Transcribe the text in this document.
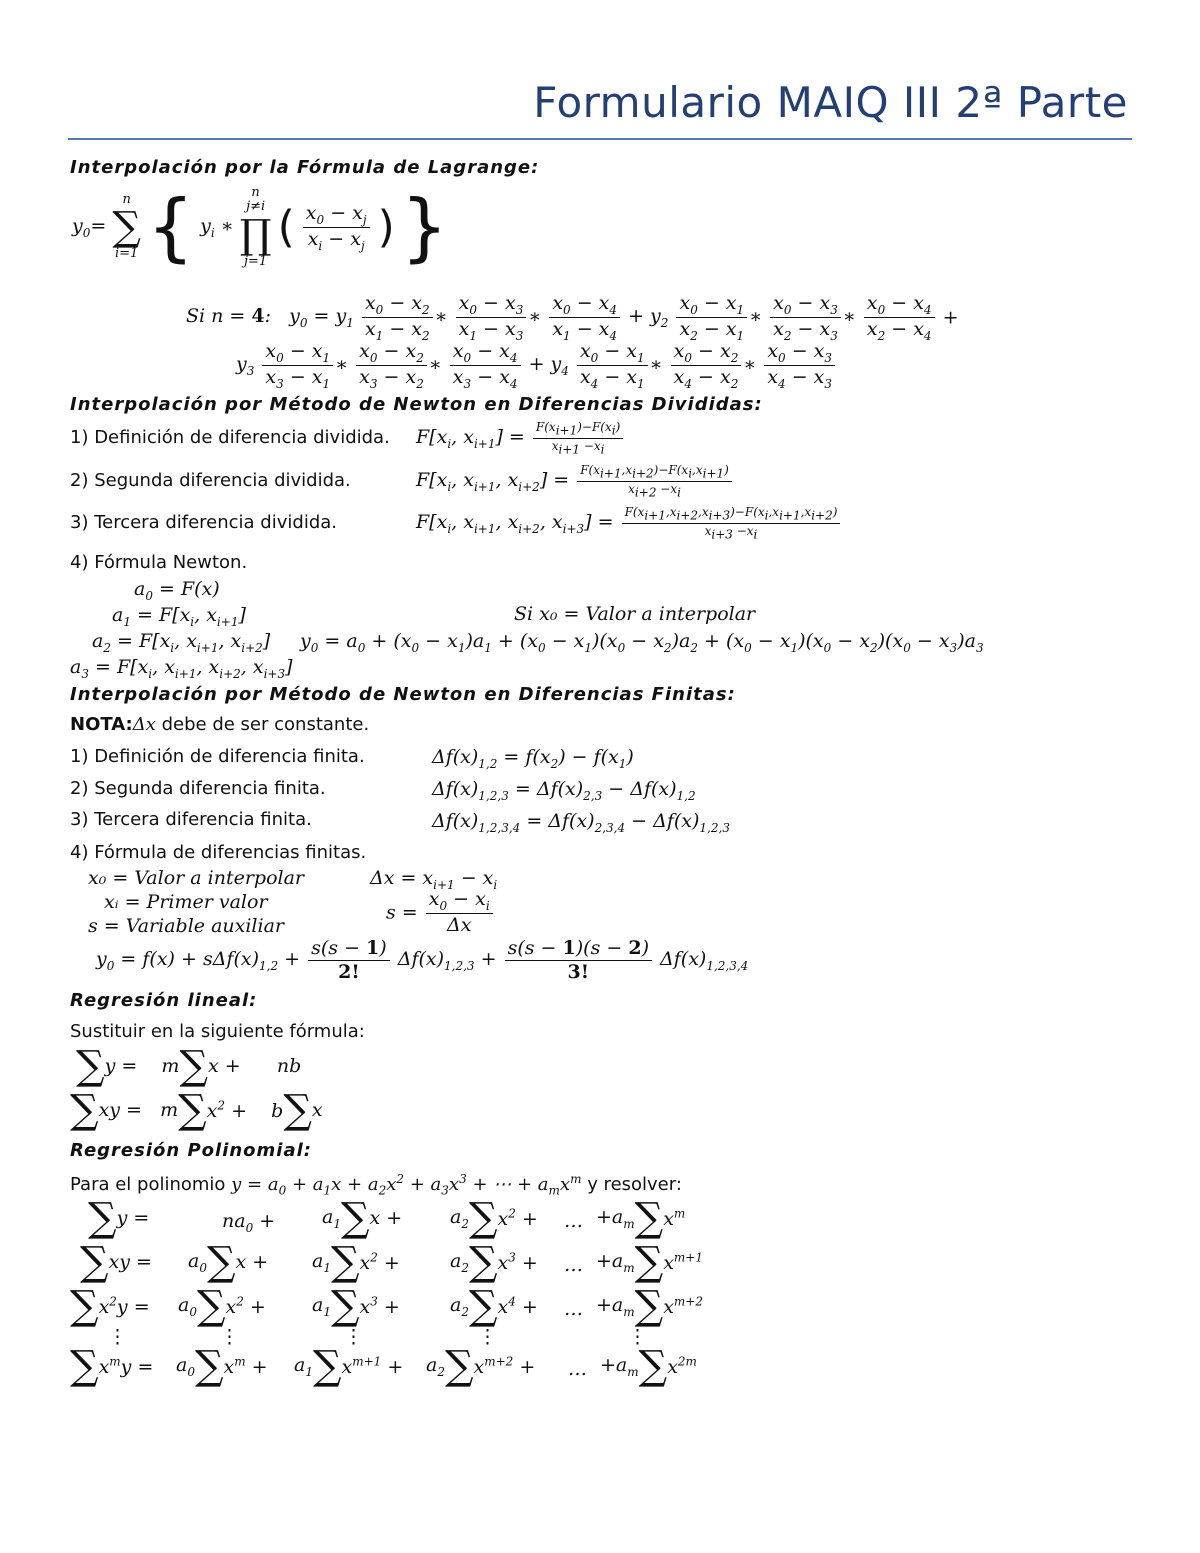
Formulario MAIQ III 2ª Parte
Interpolación por la Fórmula de Lagrange:
$y_0=$
n
∑
i=1 { $y_i$ ∗
n
j≠i
∏
j=1
( $\frac{x_0 - x_j}{x_i - x_j}$ ) }
Si n = 4:   $y_0 = y_1 \frac{x_0 - x_2}{x_1 - x_2}$ ∗ $\frac{x_0 - x_3}{x_1 - x_3}$ ∗ $\frac{x_0 - x_4}{x_1 - x_4} + y_2 \frac{x_0 - x_1}{x_2 - x_1}$ ∗ $\frac{x_0 - x_3}{x_2 - x_3}$ ∗ $\frac{x_0 - x_4}{x_2 - x_4}$ +
$y_3 \frac{x_0 - x_1}{x_3 - x_1}$ ∗ $\frac{x_0 - x_2}{x_3 - x_2}$ ∗ $\frac{x_0 - x_4}{x_3 - x_4} + y_4 \frac{x_0 - x_1}{x_4 - x_1}$ ∗ $\frac{x_0 - x_2}{x_4 - x_2}$ ∗ $\frac{x_0 - x_3}{x_4 - x_3}$
Interpolación por Método de Newton en Diferencias Divididas:
1) Definición de diferencia dividida. $F[x_i$, $x_{i+1}] = \frac{F(x_{i+1})-F(x_i)}{x_{i+1} -x_i}$
2) Segunda diferencia dividida.	$F[x_i$, $x_{i+1}$, $x_{i+2}] = \frac{F(x_{i+1},x_{i+2})-F(x_i,x_{i+1})}{x_{i+2} -x_i}$
3) Tercera diferencia dividida.	$F[x_i$, $x_{i+1}$, $x_{i+2}$, $x_{i+3}] = \frac{F(x_{i+1},x_{i+2},x_{i+3})-F(x_i,x_{i+1},x_{i+2})}{x_{i+3} -x_i}$
4) Fórmula Newton.
$a_0 = F(x)$
$a_1 = F[x_i$, $x_{i+1}$]	Si x₀ = Valor a interpolar
$a_2 = F[x_i$, $x_{i+1}$, $x_{i+2}$] $y_0 = a_0 + (x_0 - x_1)a_1 + (x_0 - x_1)(x_0 - x_2)a_2 + (x_0 - x_1)(x_0 - x_2)(x_0 - x_3)a_3$
$a_3 = F[x_i$, $x_{i+1}$, $x_{i+2}$, $x_{i+3}$]
Interpolación por Método de Newton en Diferencias Finitas:
NOTA:Δx debe de ser constante.
1) Definición de diferencia finita.	$\Delta f(x)_{1,2} = f(x_2) - f(x_1)$
2) Segunda diferencia finita.	$\Delta f(x)_{1,2,3} = \Delta f(x)_{2,3} - \Delta f(x)_{1,2}$
3) Tercera diferencia finita.	$\Delta f(x)_{1,2,3,4} = \Delta f(x)_{2,3,4} - \Delta f(x)_{1,2,3}$
4) Fórmula de diferencias finitas.
x₀ = Valor a interpolar	$\Delta x = x_{i+1} - x_i$
xᵢ = Primer valor	$s = \frac{x_0 - x_i}{\Delta x}$
s = Variable auxiliar
$y_0 = f(x) + s\Delta f(x)_{1,2} + \frac{s(s - 1)}{2!} \Delta f(x)_{1,2,3} + \frac{s(s - 1)(s - 2)}{3!} \Delta f(x)_{1,2,3,4}$
Regresión lineal:
Sustituir en la siguiente fórmula:
∑y =    m∑x +      nb
$\sum xy = m\sum x^2$ +    b∑x
Regresión Polinomial:
Para el polinomio $y = a_0 + a_1x + a_2x^2 + a_3x^3$ + ⋯ + $a_mx^m$ y resolver:
∑y =	$na_0 + a_1\sum x$ +	$a_2\sum x^2$ + … $+a_m\sum x^m$
$\sum xy = a_0\sum x + a_1\sum x^2$ +	$a_2\sum x^3$ + … $+a_m\sum x^{m+1}$
$\sum x^2y = a_0\sum x^2 + a_1\sum x^3$ +	$a_2\sum x^4$ + … $+a_m\sum x^{m+2}$
⋮	⋮	⋮	⋮	⋮
$\sum x^my = a_0\sum x^m + a_1\sum x^{m+1} + a_2\sum x^{m+2}$ + … $+a_m\sum x^{2m}$
